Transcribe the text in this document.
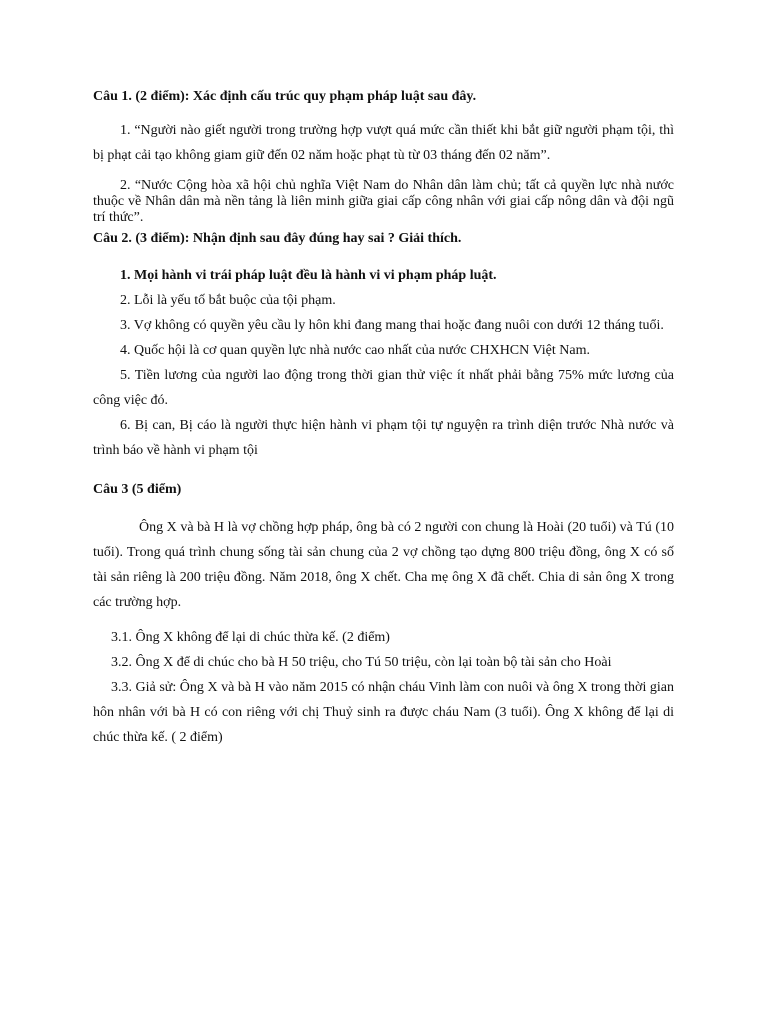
Câu 1. (2 điểm): Xác định cấu trúc quy phạm pháp luật sau đây.

1. “Người nào giết người trong trường hợp vượt quá mức cần thiết khi bắt giữ người phạm tội, thì bị phạt cải tạo không giam giữ đến 02 năm hoặc phạt tù từ 03 tháng đến 02 năm”.

2. “Nước Cộng hòa xã hội chủ nghĩa Việt Nam do Nhân dân làm chủ; tất cả quyền lực nhà nước thuộc về Nhân dân mà nền tảng là liên minh giữa giai cấp công nhân với giai cấp nông dân và đội ngũ trí thức”.

Câu 2. (3 điểm): Nhận định sau đây đúng hay sai ? Giải thích.

1. Mọi hành vi trái pháp luật đều là hành vi vi phạm pháp luật.

2. Lỗi là yếu tố bắt buộc của tội phạm.

3. Vợ không có quyền yêu cầu ly hôn khi đang mang thai hoặc đang nuôi con dưới 12 tháng tuổi.

4. Quốc hội là cơ quan quyền lực nhà nước cao nhất của nước CHXHCN Việt Nam.

5. Tiền lương của người lao động trong thời gian thử việc ít nhất phải bằng 75% mức lương của công việc đó.

6. Bị can, Bị cáo là người thực hiện hành vi phạm tội tự nguyện ra trình diện trước Nhà nước và trình báo về hành vi phạm tội

Câu 3 (5 điểm)

Ông X và bà H là vợ chồng hợp pháp, ông bà có 2 người con chung là Hoài (20 tuổi) và Tú (10 tuổi). Trong quá trình chung sống tài sản chung của 2 vợ chồng tạo dựng 800 triệu đồng, ông X có số tài sản riêng là 200 triệu đồng. Năm 2018, ông X chết. Cha mẹ ông X đã chết. Chia di sản ông X trong các trường hợp.

3.1. Ông X không để lại di chúc thừa kế. (2 điểm)

3.2. Ông X để di chúc cho bà H 50 triệu, cho Tú 50 triệu, còn lại toàn bộ tài sản cho Hoài

3.3. Giả sử: Ông X và bà H vào năm 2015 có nhận cháu Vinh làm con nuôi và ông X trong thời gian hôn nhân với bà H có con riêng với chị Thuỷ sinh ra được cháu Nam (3 tuổi). Ông X không để lại di chúc thừa kế. ( 2 điểm)
